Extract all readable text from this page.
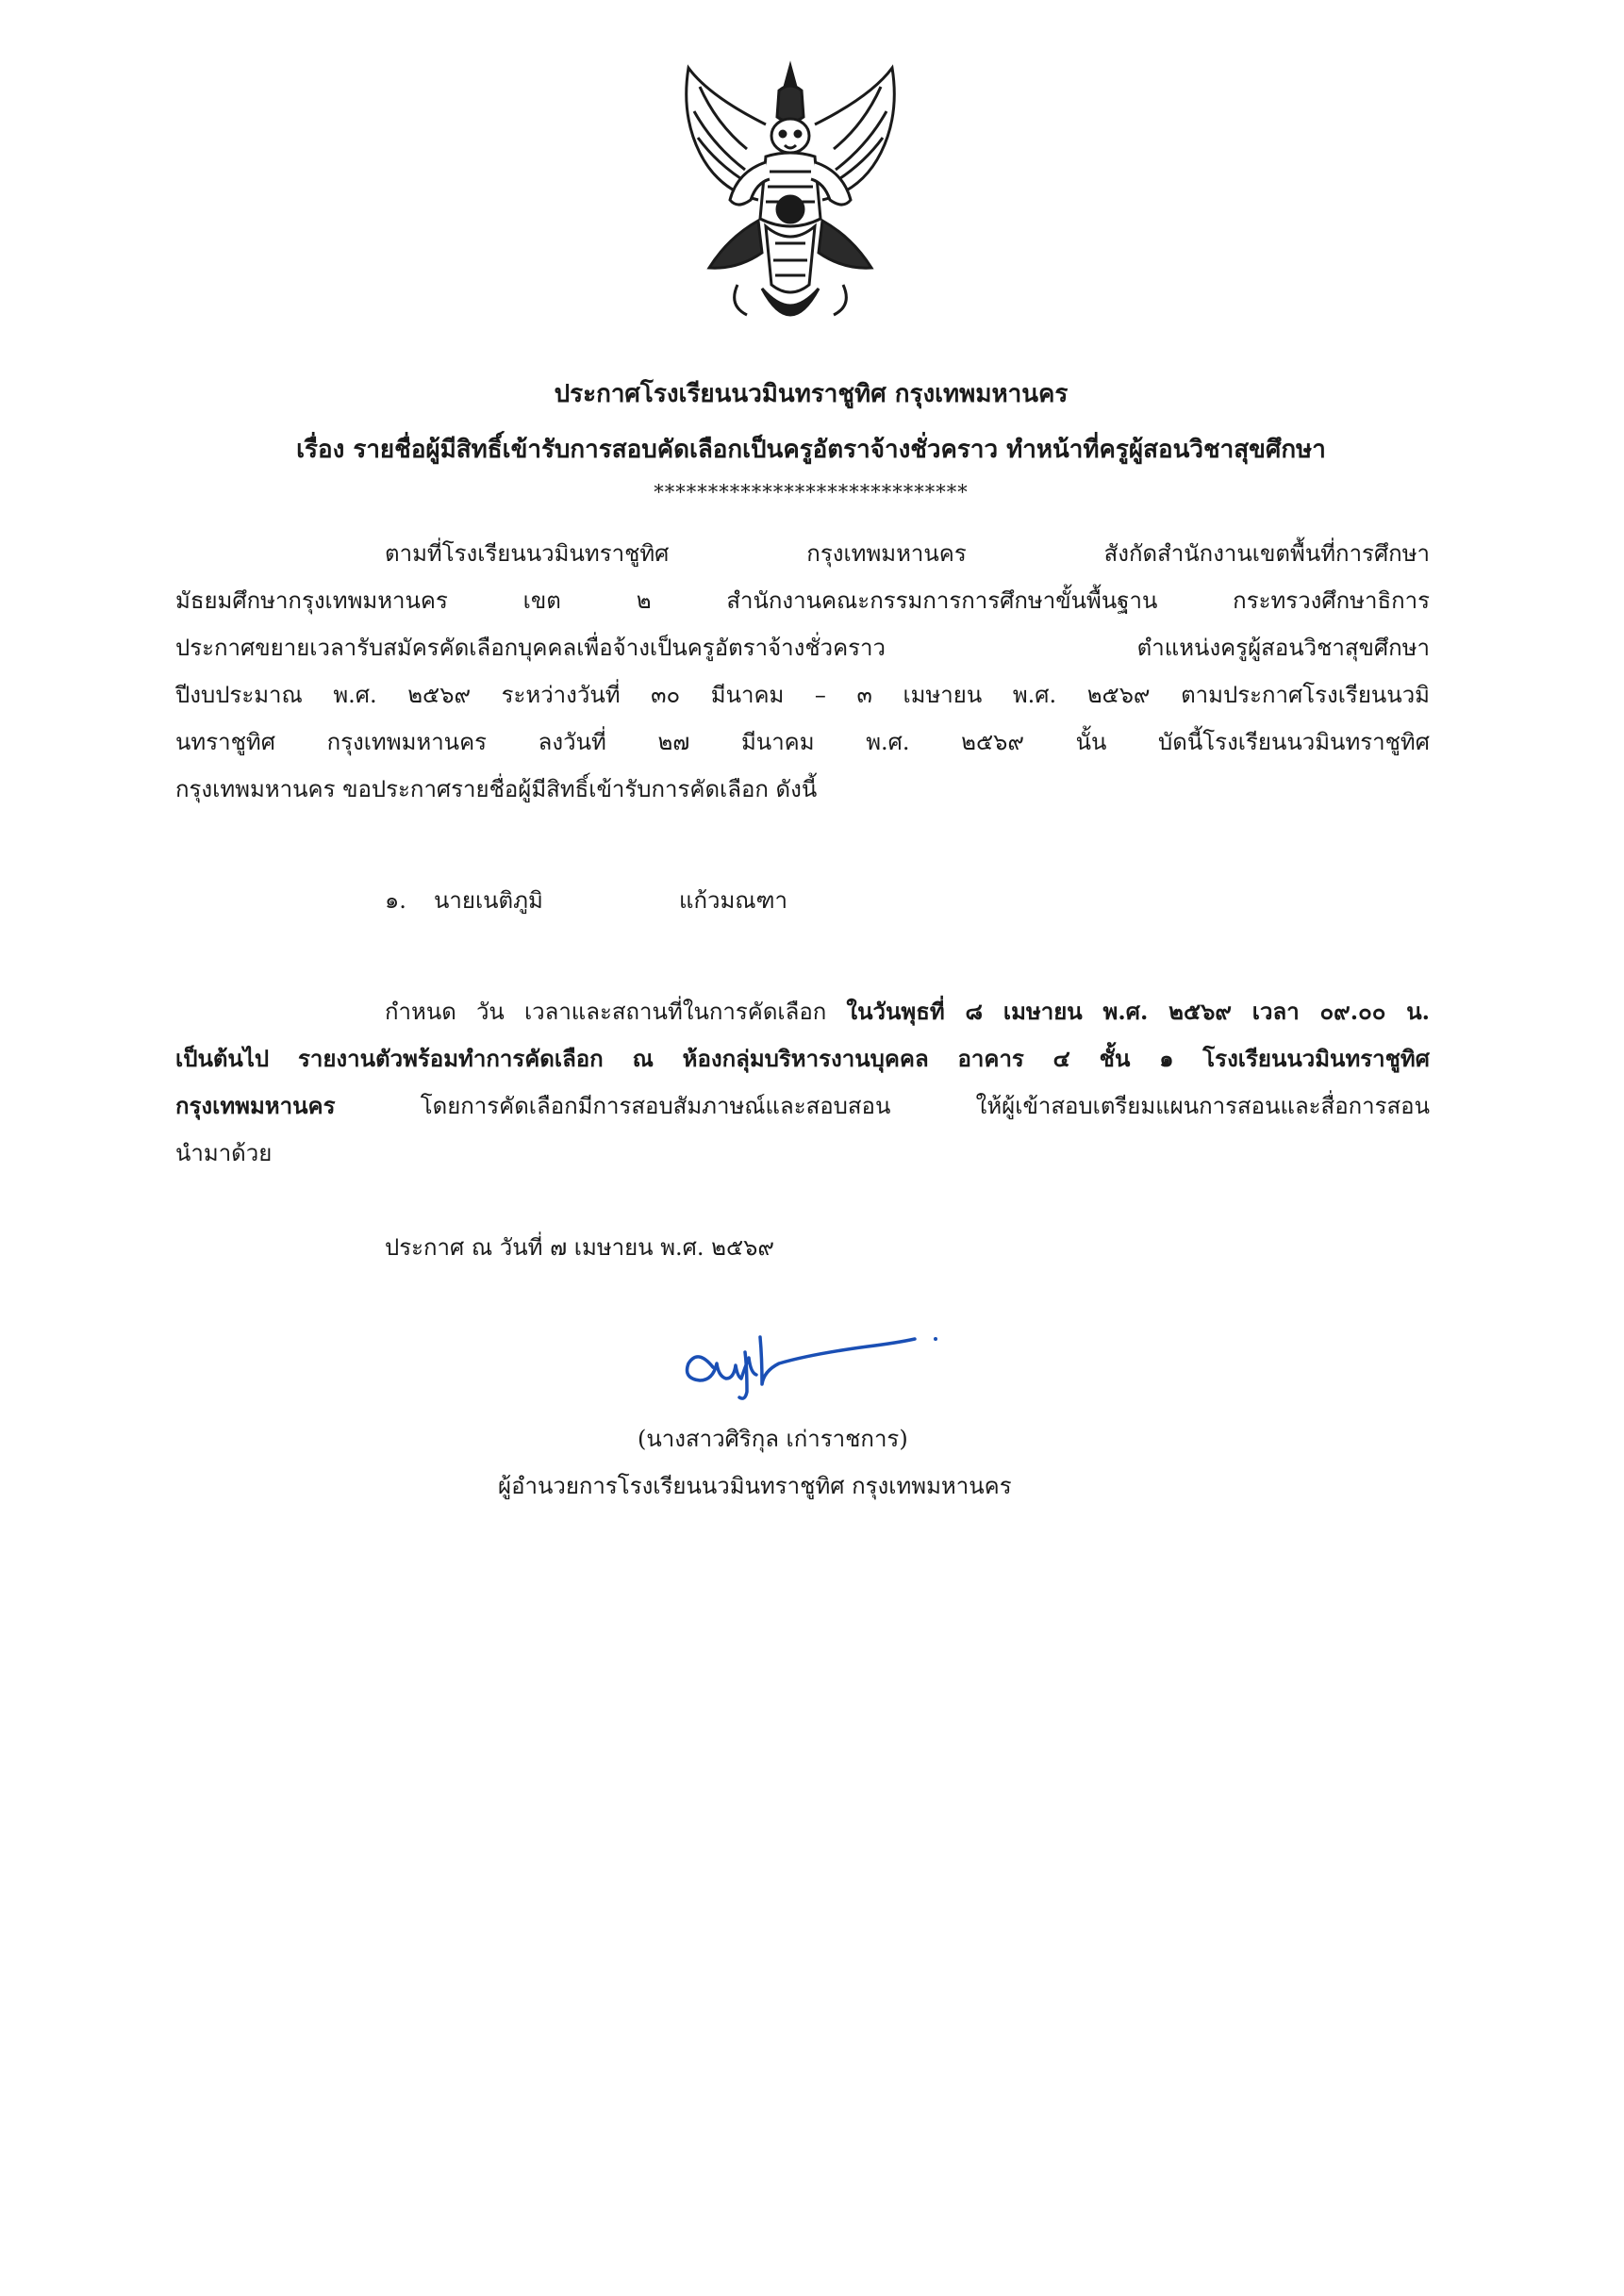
ประกาศโรงเรียนนวมินทราชูทิศ กรุงเทพมหานคร
เรื่อง รายชื่อผู้มีสิทธิ์เข้ารับการสอบคัดเลือกเป็นครูอัตราจ้างชั่วคราว ทำหน้าที่ครูผู้สอนวิชาสุขศึกษา
*****************************
ตามที่โรงเรียนนวมินทราชูทิศ กรุงเทพมหานคร สังกัดสำนักงานเขตพื้นที่การศึกษา
มัธยมศึกษากรุงเทพมหานคร เขต ๒ สำนักงานคณะกรรมการการศึกษาขั้นพื้นฐาน กระทรวงศึกษาธิการ
ประกาศขยายเวลารับสมัครคัดเลือกบุคคลเพื่อจ้างเป็นครูอัตราจ้างชั่วคราว ตำแหน่งครูผู้สอนวิชาสุขศึกษา
ปีงบประมาณ พ.ศ. ๒๕๖๙ ระหว่างวันที่ ๓๐ มีนาคม – ๓ เมษายน พ.ศ. ๒๕๖๙ ตามประกาศโรงเรียนนวมิ
นทราชูทิศ กรุงเทพมหานคร ลงวันที่ ๒๗ มีนาคม พ.ศ. ๒๕๖๙ นั้น บัดนี้โรงเรียนนวมินทราชูทิศ
กรุงเทพมหานคร ขอประกาศรายชื่อผู้มีสิทธิ์เข้ารับการคัดเลือก ดังนี้
๑.	นายเนติภูมิ	แก้วมณฑา
กำหนด วัน เวลาและสถานที่ในการคัดเลือก ในวันพุธที่ ๘ เมษายน พ.ศ. ๒๕๖๙ เวลา ๐๙.๐๐ น.
เป็นต้นไป รายงานตัวพร้อมทำการคัดเลือก ณ ห้องกลุ่มบริหารงานบุคคล อาคาร ๔ ชั้น ๑ โรงเรียนนวมินทราชูทิศ
กรุงเทพมหานคร โดยการคัดเลือกมีการสอบสัมภาษณ์และสอบสอน ให้ผู้เข้าสอบเตรียมแผนการสอนและสื่อการสอน
นำมาด้วย
ประกาศ ณ วันที่ ๗ เมษายน พ.ศ. ๒๕๖๙
(นางสาวศิริกุล เก่าราชการ)
ผู้อำนวยการโรงเรียนนวมินทราชูทิศ กรุงเทพมหานคร
